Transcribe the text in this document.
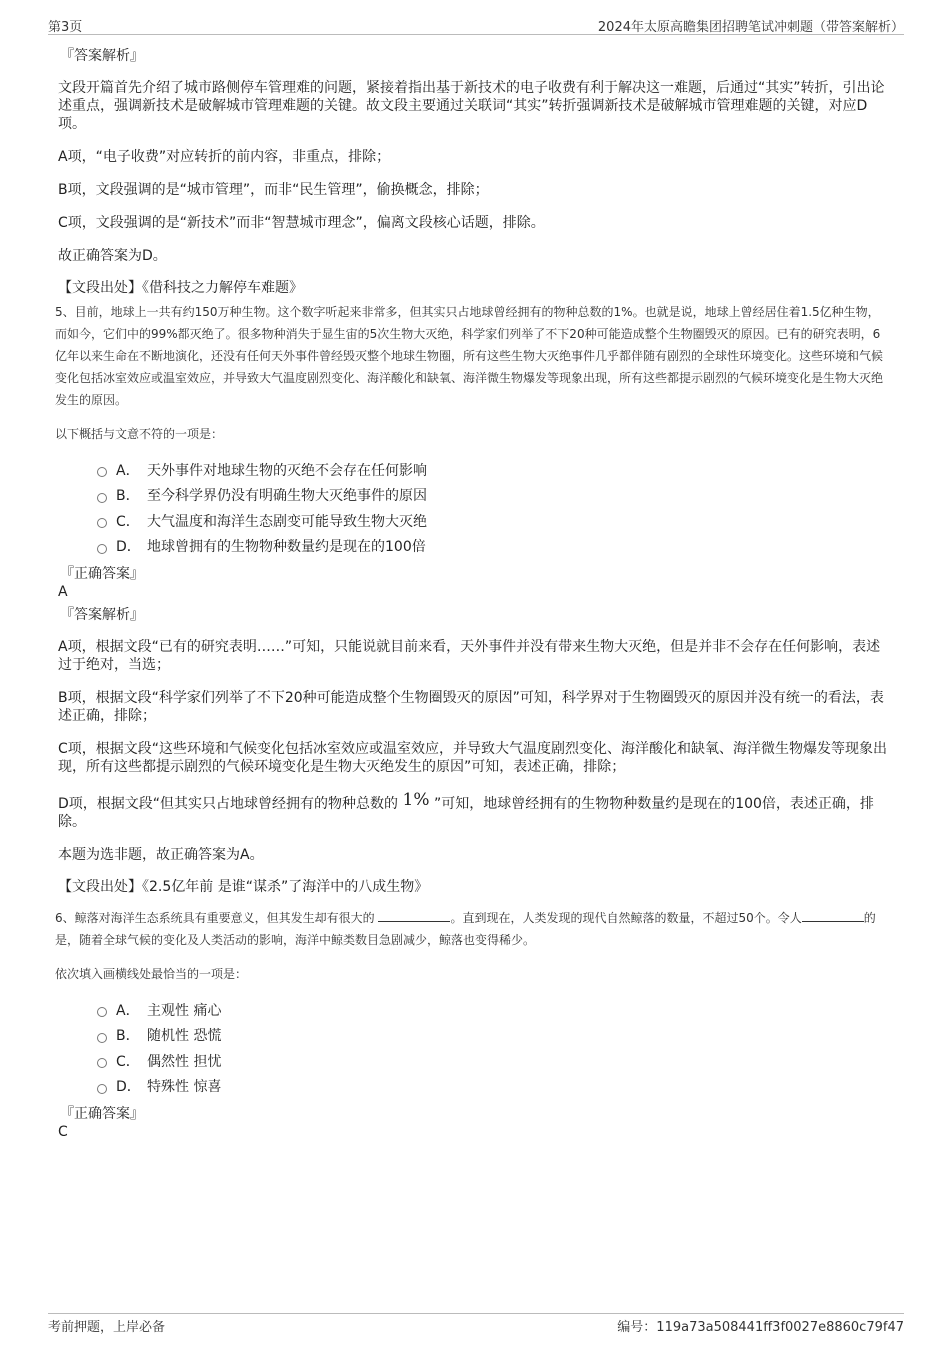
第3页	2024年太原高瞻集团招聘笔试冲刺题（带答案解析）
『答案解析』
文段开篇首先介绍了城市路侧停车管理难的问题，紧接着指出基于新技术的电子收费有利于解决这一难题，后通过“其实”转折，引出论述重点，强调新技术是破解城市管理难题的关键。故文段主要通过关联词“其实”转折强调新技术是破解城市管理难题的关键，对应D项。
A项，“电子收费”对应转折的前内容，非重点，排除；
B项，文段强调的是“城市管理”，而非“民生管理”，偷换概念，排除；
C项，文段强调的是“新技术”而非“智慧城市理念”，偏离文段核心话题，排除。
故正确答案为D。
【文段出处】《借科技之力解停车难题》
5、目前，地球上一共有约150万种生物。这个数字听起来非常多，但其实只占地球曾经拥有的物种总数的1%。也就是说，地球上曾经居住着1.5亿种生物，而如今，它们中的99%都灭绝了。很多物种消失于显生宙的5次生物大灭绝，科学家们列举了不下20种可能造成整个生物圈毁灭的原因。已有的研究表明，6亿年以来生命在不断地演化，还没有任何天外事件曾经毁灭整个地球生物圈，所有这些生物大灭绝事件几乎都伴随有剧烈的全球性环境变化。这些环境和气候变化包括冰室效应或温室效应，并导致大气温度剧烈变化、海洋酸化和缺氧、海洋微生物爆发等现象出现，所有这些都提示剧烈的气候环境变化是生物大灭绝发生的原因。
以下概括与文意不符的一项是：
A． 天外事件对地球生物的灭绝不会存在任何影响
B． 至今科学界仍没有明确生物大灭绝事件的原因
C． 大气温度和海洋生态剧变可能导致生物大灭绝
D． 地球曾拥有的生物物种数量约是现在的100倍
『正确答案』
A
『答案解析』
A项，根据文段“已有的研究表明……”可知，只能说就目前来看，天外事件并没有带来生物大灭绝，但是并非不会存在任何影响，表述过于绝对，当选；
B项，根据文段“科学家们列举了不下20种可能造成整个生物圈毁灭的原因”可知，科学界对于生物圈毁灭的原因并没有统一的看法，表述正确，排除；
C项，根据文段“这些环境和气候变化包括冰室效应或温室效应，并导致大气温度剧烈变化、海洋酸化和缺氧、海洋微生物爆发等现象出现，所有这些都提示剧烈的气候环境变化是生物大灭绝发生的原因”可知，表述正确，排除；
D项，根据文段“但其实只占地球曾经拥有的物种总数的 1% ”可知，地球曾经拥有的生物物种数量约是现在的100倍，表述正确，排除。
本题为选非题，故正确答案为A。
【文段出处】《2.5亿年前 是谁“谋杀”了海洋中的八成生物》
6、鲸落对海洋生态系统具有重要意义，但其发生却有很大的	。直到现在，人类发现的现代自然鲸落的数量，不超过50个。令人	的是，随着全球气候的变化及人类活动的影响，海洋中鲸类数目急剧减少，鲸落也变得稀少。
依次填入画横线处最恰当的一项是：
A． 主观性 痛心
B． 随机性 恐慌
C． 偶然性 担忧
D． 特殊性 惊喜
『正确答案』
C
考前押题，上岸必备	编号：119a73a508441ff3f0027e8860c79f47
